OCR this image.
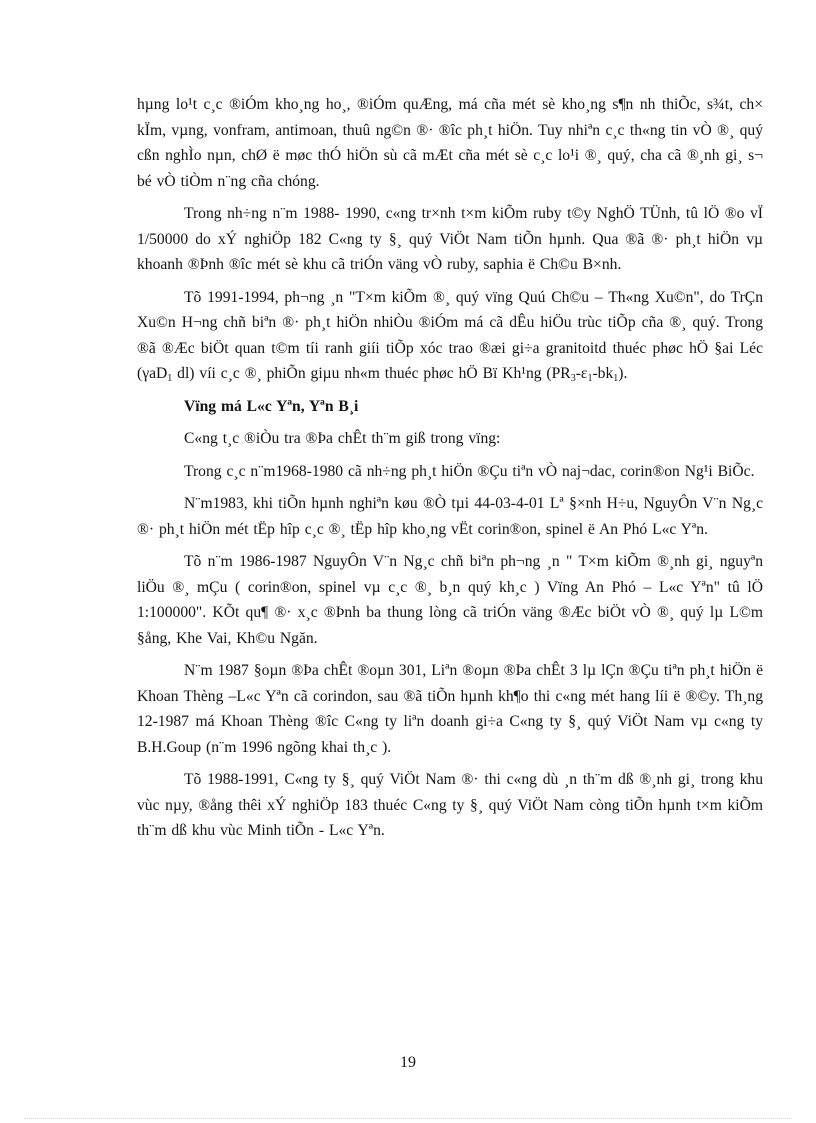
hµng lo¹t c¸c ®iÓm kho¸ng ho¸, ®iÓm quÆng, má cña mét sè kho¸ng s¶n nh thiÕc, s¾t, ch× kÏm, vµng, vonfram, antimoan, thuû ng©n ®· ®îc ph¸t hiÖn. Tuy nhiªn c¸c th«ng tin vÒ ®¸ quý cßn nghÌo nµn, chØ ë møc thÓ hiÖn sù cã mÆt cña mét sè c¸c lo¹i ®¸ quý, cha cã ®¸nh gi¸ s¬ bé vÒ tiÒm n¨ng cña chóng.

Trong nh÷ng n¨m 1988- 1990, c«ng tr×nh t×m kiÕm ruby t©y NghÖ TÜnh, tû lÖ ®o vÏ 1/50000 do xÝ nghiÖp 182 C«ng ty §¸ quý ViÖt Nam tiÕn hµnh. Qua ®ã ®· ph¸t hiÖn vµ khoanh ®Þnh ®îc mét sè khu cã triÓn väng vÒ ruby, saphia ë Ch©u B×nh.

Tõ 1991-1994, ph¬ng ¸n "T×m kiÕm ®¸ quý vïng Quú Ch©u – Th«ng Xu©n", do TrÇn Xu©n H¬ng chñ biªn ®· ph¸t hiÖn nhiÒu ®iÓm má cã dÊu hiÖu trùc tiÕp cña ®¸ quý. Trong ®ã ®Æc biÖt quan t©m tíi ranh giíi tiÕp xóc trao ®æi gi÷a granitoitd thuéc phøc hÖ §ai Léc (γaD$_1$ dl) víi c¸c ®¸ phiÕn giµu nh«m thuéc phøc hÖ Bï Kh¹ng $(PR_3-\varepsilon_1-bk_1)$.

Vïng má L«c Yªn, Yªn B¸i

C«ng t¸c ®iÒu tra ®Þa chÊt th¨m giß trong vïng:

Trong c¸c n¨m1968-1980 cã nh÷ng ph¸t hiÖn ®Çu tiªn vÒ naj¬dac, corin®on Ng¹i BiÕc.

N¨m1983, khi tiÕn hµnh nghiªn køu ®Ò tµi 44-03-4-01 Lª §×nh H÷u, NguyÔn V¨n Ng¸c ®· ph¸t hiÖn mét tËp hîp c¸c ®¸ tËp hîp kho¸ng vËt corin®on, spinel ë An Phó L«c Yªn.

Tõ n¨m 1986-1987 NguyÔn V¨n Ng¸c chñ biªn ph¬ng ¸n " T×m kiÕm ®¸nh gi¸ nguyªn liÖu ®¸ mÇu ( corin®on, spinel vµ c¸c ®¸ b¸n quý kh¸c ) Vïng An Phó – L«c Yªn" tû lÖ 1:100000". KÕt qu¶ ®· x¸c ®Þnh ba thung lòng cã triÓn väng ®Æc biÖt vÒ ®¸ quý lµ L©m §ång, Khe Vai, Kh©u Ngăn.

N¨m 1987 §oµn ®Þa chÊt ®oµn 301, Liªn ®oµn ®Þa chÊt 3 lµ lÇn ®Çu tiªn ph¸t hiÖn ë Khoan Thèng –L«c Yªn cã corindon, sau ®ã tiÕn hµnh kh¶o thi c«ng mét hang líi ë ®©y. Th¸ng 12-1987 má Khoan Thèng ®îc C«ng ty liªn doanh gi÷a C«ng ty §¸ quý ViÖt Nam vµ c«ng ty B.H.Goup (n¨m 1996 ngõng khai th¸c ).

Tõ 1988-1991, C«ng ty §¸ quý ViÖt Nam ®· thi c«ng dù ¸n th¨m dß ®¸nh gi¸ trong khu vùc nµy, ®ång thêi xÝ nghiÖp 183 thuéc C«ng ty §¸ quý ViÖt Nam còng tiÕn hµnh t×m kiÕm th¨m dß khu vùc Minh tiÕn - L«c Yªn.

19
